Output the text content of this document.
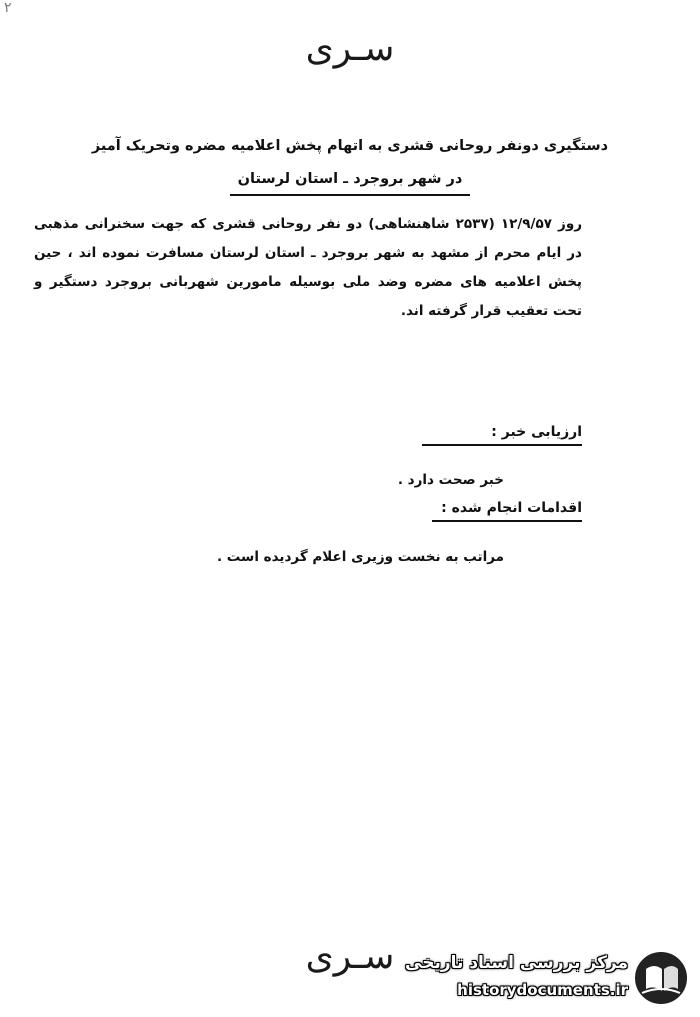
۲
سـری
دستگیری دونفر روحانی قشری به اتهام پخش اعلامیه مضره وتحریک آمیز
در شهر بروجرد ـ استان لرستان
روز ۱۲/۹/۵۷ (۲۵۳۷ شاهنشاهی) دو نفر روحانی قشری که جهت سخنرانی مذهبی در ایام محرم از مشهد به شهر بروجرد ـ استان لرستان مسافرت نموده اند ، حین پخش اعلامیه های مضره وضد ملی بوسیله مامورین شهربانی بروجرد دستگیر و تحت تعقیب قرار گرفته اند.
ارزیابی خبر :
خبر صحت دارد .
اقدامات انجام شده :
مراتب به نخست وزیری اعلام گردیده است .
سـری مرکز بررسی اسناد تاریخی
historydocuments.ir
